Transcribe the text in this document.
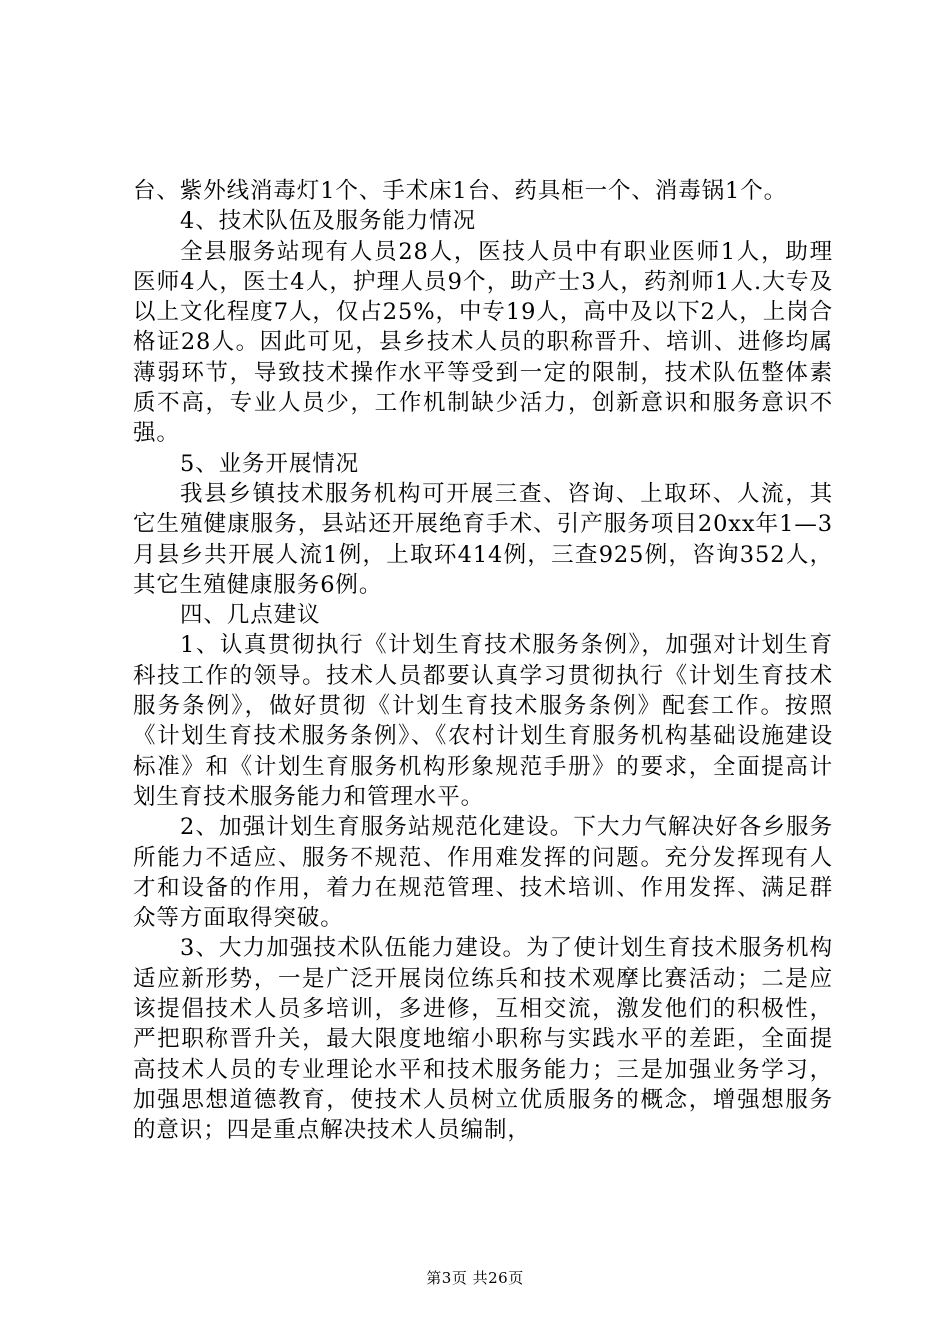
台、紫外线消毒灯1个、手术床1台、药具柜一个、消毒锅1个。

4、技术队伍及服务能力情况

全县服务站现有人员28人，医技人员中有职业医师1人，助理医师4人，医士4人，护理人员9个，助产士3人，药剂师1人.大专及以上文化程度7人，仅占25%，中专19人，高中及以下2人，上岗合格证28人。因此可见，县乡技术人员的职称晋升、培训、进修均属薄弱环节，导致技术操作水平等受到一定的限制，技术队伍整体素质不高，专业人员少，工作机制缺少活力，创新意识和服务意识不强。

5、业务开展情况

我县乡镇技术服务机构可开展三查、咨询、上取环、人流，其它生殖健康服务，县站还开展绝育手术、引产服务项目20xx年1—3月县乡共开展人流1例，上取环414例，三查925例，咨询352人，其它生殖健康服务6例。

四、几点建议

1、认真贯彻执行《计划生育技术服务条例》，加强对计划生育科技工作的领导。技术人员都要认真学习贯彻执行《计划生育技术服务条例》，做好贯彻《计划生育技术服务条例》配套工作。按照《计划生育技术服务条例》、《农村计划生育服务机构基础设施建设标准》和《计划生育服务机构形象规范手册》的要求，全面提高计划生育技术服务能力和管理水平。

2、加强计划生育服务站规范化建设。下大力气解决好各乡服务所能力不适应、服务不规范、作用难发挥的问题。充分发挥现有人才和设备的作用，着力在规范管理、技术培训、作用发挥、满足群众等方面取得突破。

3、大力加强技术队伍能力建设。为了使计划生育技术服务机构适应新形势，一是广泛开展岗位练兵和技术观摩比赛活动；二是应该提倡技术人员多培训，多进修，互相交流，激发他们的积极性，严把职称晋升关，最大限度地缩小职称与实践水平的差距，全面提高技术人员的专业理论水平和技术服务能力；三是加强业务学习，加强思想道德教育，使技术人员树立优质服务的概念，增强想服务的意识；四是重点解决技术人员编制，

第3页 共26页
